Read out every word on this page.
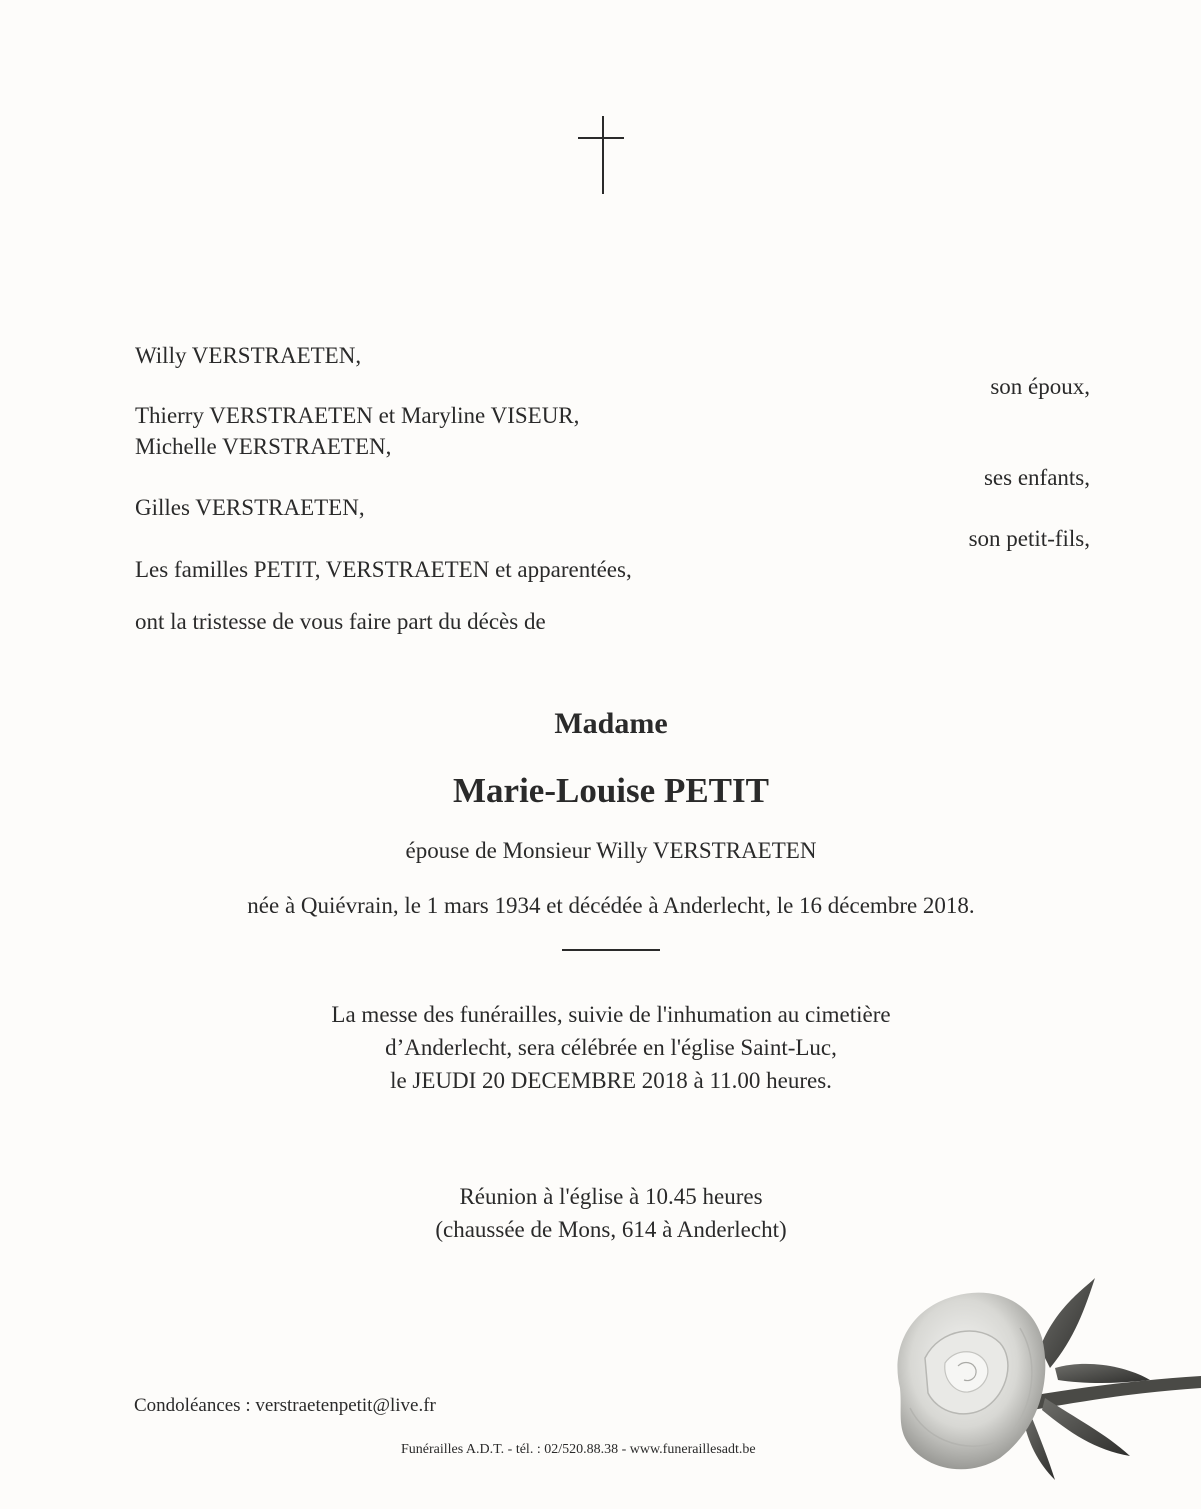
Willy VERSTRAETEN,
son époux,
Thierry VERSTRAETEN et Maryline VISEUR,
Michelle VERSTRAETEN,
ses enfants,
Gilles VERSTRAETEN,
son petit-fils,
Les familles PETIT, VERSTRAETEN et apparentées,
ont la tristesse de vous faire part du décès de
Madame
Marie-Louise PETIT
épouse de Monsieur Willy VERSTRAETEN
née à Quiévrain, le 1 mars 1934 et décédée à Anderlecht, le 16 décembre 2018.
La messe des funérailles, suivie de l'inhumation au cimetière
d’Anderlecht, sera célébrée en l'église Saint-Luc,
le JEUDI 20 DECEMBRE 2018 à 11.00 heures.
Réunion à l'église à 10.45 heures
(chaussée de Mons, 614 à Anderlecht)
Condoléances : verstraetenpetit@live.fr
Funérailles A.D.T. - tél. : 02/520.88.38 - www.funeraillesadt.be
